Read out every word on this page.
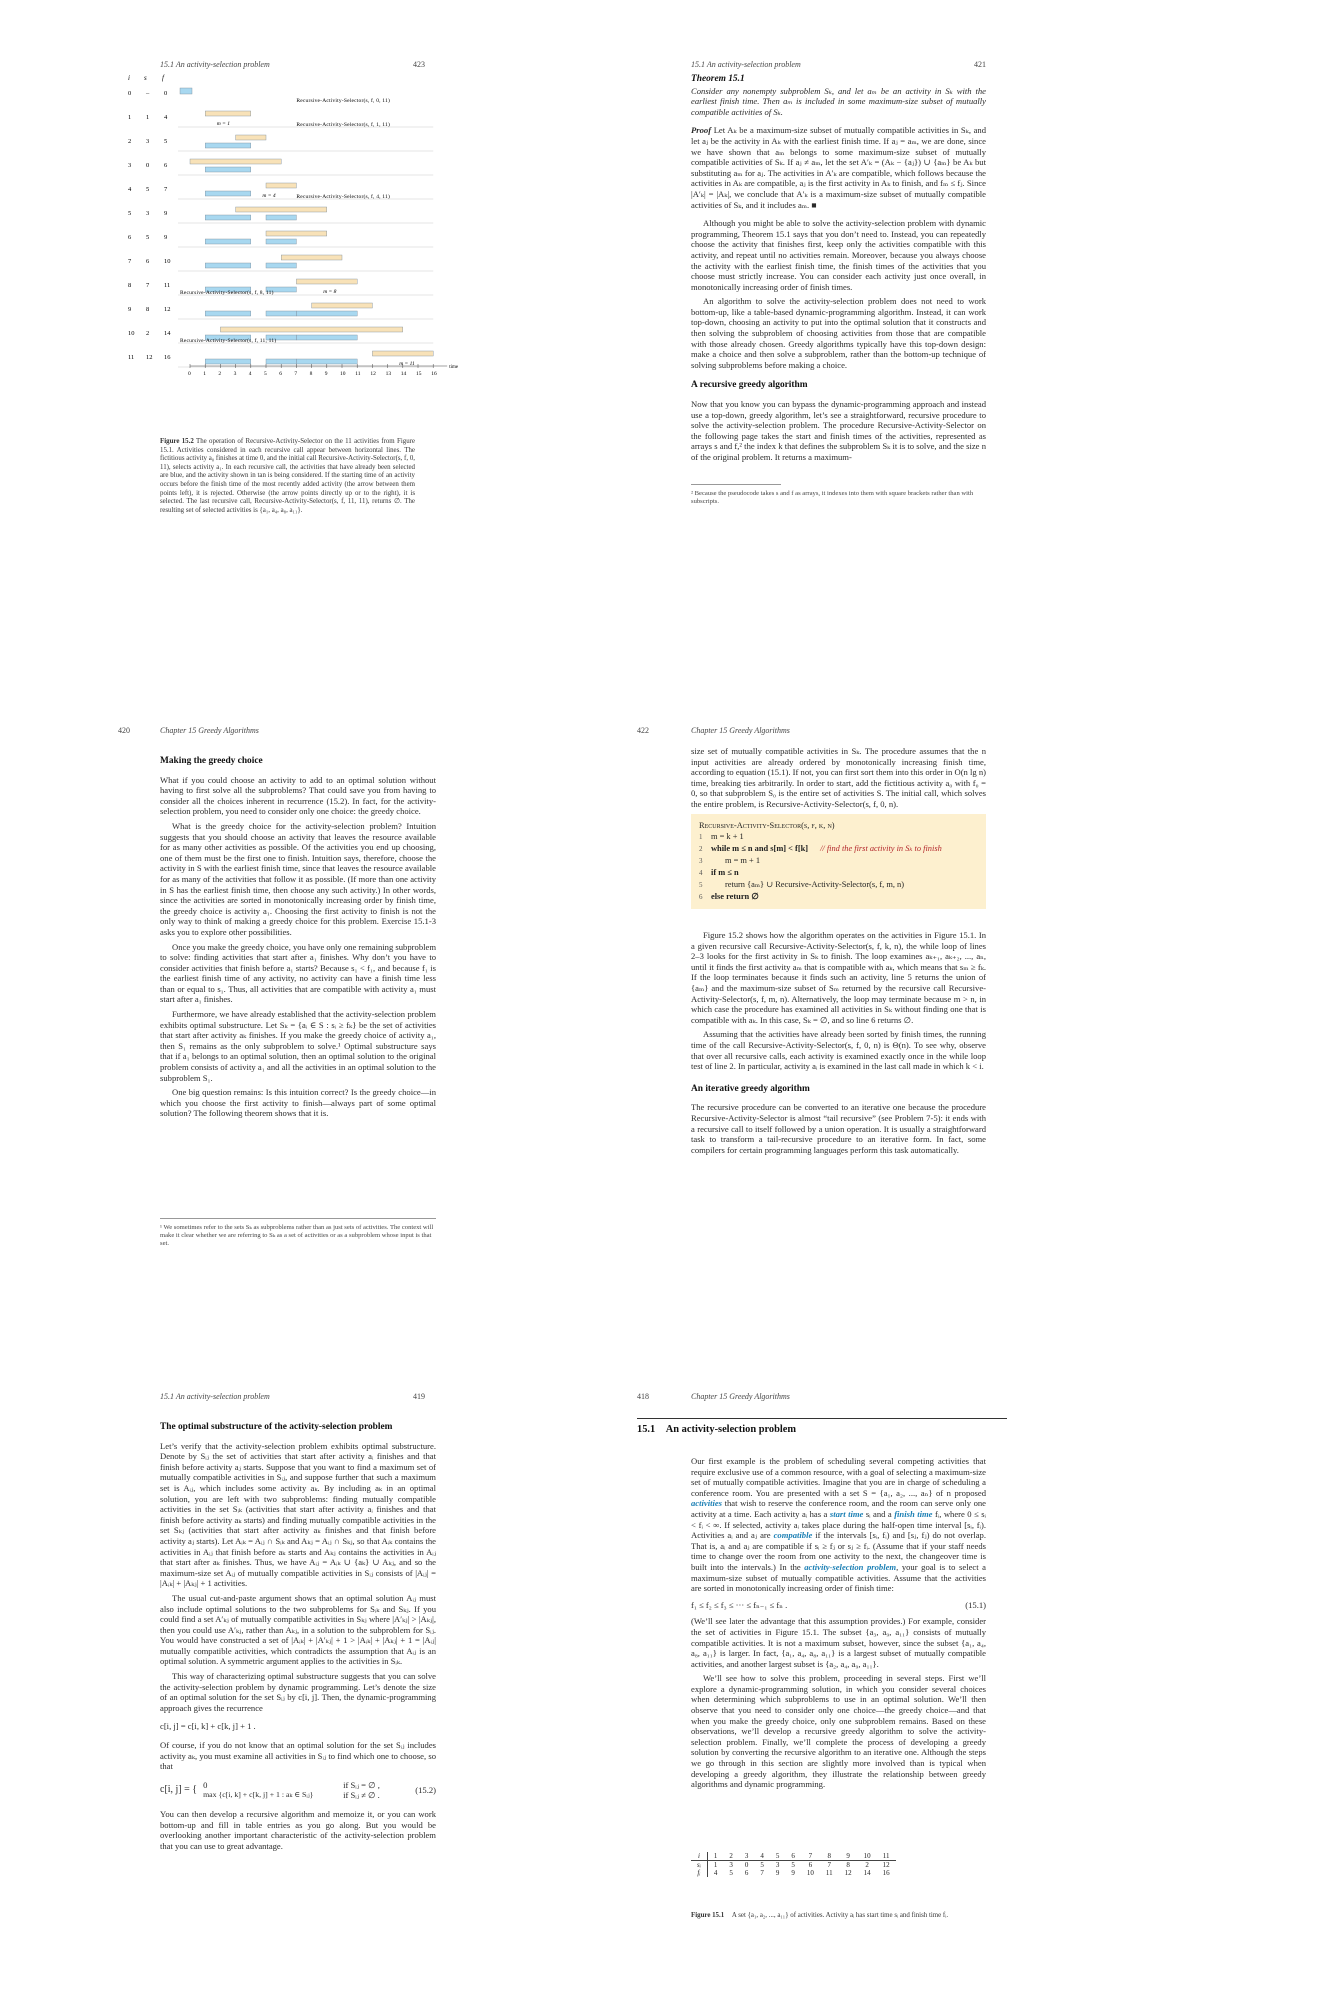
15.1 An activity-selection problem	423
i s f
0 – 0
1 1 4
2 3 5
3 0 6
4 5 7
5 3 9
6 5 9
7 6 10
8 7 11
9 8 12
10 2 14
11 12 16
Recursive-Activity-Selector(s, f, 0, 11)
Recursive-Activity-Selector(s, f, 1, 11)
Recursive-Activity-Selector(s, f, 4, 11)
Recursive-Activity-Selector(s, f, 8, 11)
Recursive-Activity-Selector(s, f, 11, 11)
m = 1
m = 4
m = 8
m = 11
0 1 2 3 4 5 6 7 8 9 10 11 12 13 14 15 16
time
Figure 15.2 The operation of Recursive-Activity-Selector on the 11 activities from Figure 15.1. Activities considered in each recursive call appear between horizontal lines. The fictitious activity a₀ finishes at time 0, and the initial call Recursive-Activity-Selector(s, f, 0, 11), selects activity a₁. In each recursive call, the activities that have already been selected are blue, and the activity shown in tan is being considered. If the starting time of an activity occurs before the finish time of the most recently added activity (the arrow between them points left), it is rejected. Otherwise (the arrow points directly up or to the right), it is selected. The last recursive call, Recursive-Activity-Selector(s, f, 11, 11), returns ∅. The resulting set of selected activities is {a₁, a₄, a₈, a₁₁}.
15.1 An activity-selection problem	421
Theorem 15.1

Consider any nonempty subproblem Sₖ, and let aₘ be an activity in Sₖ with the earliest finish time. Then aₘ is included in some maximum-size subset of mutually compatible activities of Sₖ.

Proof Let Aₖ be a maximum-size subset of mutually compatible activities in Sₖ, and let aⱼ be the activity in Aₖ with the earliest finish time. If aⱼ = aₘ, we are done, since we have shown that aₘ belongs to some maximum-size subset of mutually compatible activities of Sₖ. If aⱼ ≠ aₘ, let the set A′ₖ = (Aₖ − {aⱼ}) ∪ {aₘ} be Aₖ but substituting aₘ for aⱼ. The activities in A′ₖ are compatible, which follows because the activities in Aₖ are compatible, aⱼ is the first activity in Aₖ to finish, and fₘ ≤ fⱼ. Since |A′ₖ| = |Aₖ|, we conclude that A′ₖ is a maximum-size subset of mutually compatible activities of Sₖ, and it includes aₘ. ■

Although you might be able to solve the activity-selection problem with dynamic programming, Theorem 15.1 says that you don’t need to. Instead, you can repeatedly choose the activity that finishes first, keep only the activities compatible with this activity, and repeat until no activities remain. Moreover, because you always choose the activity with the earliest finish time, the finish times of the activities that you choose must strictly increase. You can consider each activity just once overall, in monotonically increasing order of finish times.

An algorithm to solve the activity-selection problem does not need to work bottom-up, like a table-based dynamic-programming algorithm. Instead, it can work top-down, choosing an activity to put into the optimal solution that it constructs and then solving the subproblem of choosing activities from those that are compatible with those already chosen. Greedy algorithms typically have this top-down design: make a choice and then solve a subproblem, rather than the bottom-up technique of solving subproblems before making a choice.

A recursive greedy algorithm

Now that you know you can bypass the dynamic-programming approach and instead use a top-down, greedy algorithm, let’s see a straightforward, recursive procedure to solve the activity-selection problem. The procedure Recursive-Activity-Selector on the following page takes the start and finish times of the activities, represented as arrays s and f,² the index k that defines the subproblem Sₖ it is to solve, and the size n of the original problem. It returns a maximum-

² Because the pseudocode takes s and f as arrays, it indexes into them with square brackets rather than with subscripts.
420	Chapter 15 Greedy Algorithms
Making the greedy choice

What if you could choose an activity to add to an optimal solution without having to first solve all the subproblems? That could save you from having to consider all the choices inherent in recurrence (15.2). In fact, for the activity-selection problem, you need to consider only one choice: the greedy choice.

What is the greedy choice for the activity-selection problem? Intuition suggests that you should choose an activity that leaves the resource available for as many other activities as possible. Of the activities you end up choosing, one of them must be the first one to finish. Intuition says, therefore, choose the activity in S with the earliest finish time, since that leaves the resource available for as many of the activities that follow it as possible. (If more than one activity in S has the earliest finish time, then choose any such activity.) In other words, since the activities are sorted in monotonically increasing order by finish time, the greedy choice is activity a₁. Choosing the first activity to finish is not the only way to think of making a greedy choice for this problem. Exercise 15.1-3 asks you to explore other possibilities.

Once you make the greedy choice, you have only one remaining subproblem to solve: finding activities that start after a₁ finishes. Why don’t you have to consider activities that finish before a₁ starts? Because s₁ < f₁, and because f₁ is the earliest finish time of any activity, no activity can have a finish time less than or equal to s₁. Thus, all activities that are compatible with activity a₁ must start after a₁ finishes.

Furthermore, we have already established that the activity-selection problem exhibits optimal substructure. Let Sₖ = {aᵢ ∈ S : sᵢ ≥ fₖ} be the set of activities that start after activity aₖ finishes. If you make the greedy choice of activity a₁, then S₁ remains as the only subproblem to solve.¹ Optimal substructure says that if a₁ belongs to an optimal solution, then an optimal solution to the original problem consists of activity a₁ and all the activities in an optimal solution to the subproblem S₁.

One big question remains: Is this intuition correct? Is the greedy choice—in which you choose the first activity to finish—always part of some optimal solution? The following theorem shows that it is.

¹ We sometimes refer to the sets Sₖ as subproblems rather than as just sets of activities. The context will make it clear whether we are referring to Sₖ as a set of activities or as a subproblem whose input is that set.
422	Chapter 15 Greedy Algorithms
size set of mutually compatible activities in Sₖ. The procedure assumes that the n input activities are already ordered by monotonically increasing finish time, according to equation (15.1). If not, you can first sort them into this order in O(n lg n) time, breaking ties arbitrarily. In order to start, add the fictitious activity a₀ with f₀ = 0, so that subproblem S₀ is the entire set of activities S. The initial call, which solves the entire problem, is Recursive-Activity-Selector(s, f, 0, n).
Recursive-Activity-Selector(s, f, k, n)
1 m = k + 1
2 while m ≤ n and s[m] < f[k] // find the first activity in Sₖ to finish
3	m = m + 1
4 if m ≤ n
5	return {aₘ} ∪ Recursive-Activity-Selector(s, f, m, n)
6 else return ∅

Figure 15.2 shows how the algorithm operates on the activities in Figure 15.1. In a given recursive call Recursive-Activity-Selector(s, f, k, n), the while loop of lines 2–3 looks for the first activity in Sₖ to finish. The loop examines aₖ₊₁, aₖ₊₂, ..., aₙ, until it finds the first activity aₘ that is compatible with aₖ, which means that sₘ ≥ fₖ. If the loop terminates because it finds such an activity, line 5 returns the union of {aₘ} and the maximum-size subset of Sₘ returned by the recursive call Recursive-Activity-Selector(s, f, m, n). Alternatively, the loop may terminate because m > n, in which case the procedure has examined all activities in Sₖ without finding one that is compatible with aₖ. In this case, Sₖ = ∅, and so line 6 returns ∅.

Assuming that the activities have already been sorted by finish times, the running time of the call Recursive-Activity-Selector(s, f, 0, n) is Θ(n). To see why, observe that over all recursive calls, each activity is examined exactly once in the while loop test of line 2. In particular, activity aᵢ is examined in the last call made in which k < i.

An iterative greedy algorithm

The recursive procedure can be converted to an iterative one because the procedure Recursive-Activity-Selector is almost “tail recursive” (see Problem 7-5): it ends with a recursive call to itself followed by a union operation. It is usually a straightforward task to transform a tail-recursive procedure to an iterative form. In fact, some compilers for certain programming languages perform this task automatically.

15.1 An activity-selection problem	419
The optimal substructure of the activity-selection problem

Let’s verify that the activity-selection problem exhibits optimal substructure. Denote by Sᵢⱼ the set of activities that start after activity aᵢ finishes and that finish before activity aⱼ starts. Suppose that you want to find a maximum set of mutually compatible activities in Sᵢⱼ, and suppose further that such a maximum set is Aᵢⱼ, which includes some activity aₖ. By including aₖ in an optimal solution, you are left with two subproblems: finding mutually compatible activities in the set Sᵢₖ (activities that start after activity aᵢ finishes and that finish before activity aₖ starts) and finding mutually compatible activities in the set Sₖⱼ (activities that start after activity aₖ finishes and that finish before activity aⱼ starts). Let Aᵢₖ = Aᵢⱼ ∩ Sᵢₖ and Aₖⱼ = Aᵢⱼ ∩ Sₖⱼ, so that Aᵢₖ contains the activities in Aᵢⱼ that finish before aₖ starts and Aₖⱼ contains the activities in Aᵢⱼ that start after aₖ finishes. Thus, we have Aᵢⱼ = Aᵢₖ ∪ {aₖ} ∪ Aₖⱼ, and so the maximum-size set Aᵢⱼ of mutually compatible activities in Sᵢⱼ consists of |Aᵢⱼ| = |Aᵢₖ| + |Aₖⱼ| + 1 activities.

The usual cut-and-paste argument shows that an optimal solution Aᵢⱼ must also include optimal solutions to the two subproblems for Sᵢₖ and Sₖⱼ. If you could find a set A′ₖⱼ of mutually compatible activities in Sₖⱼ where |A′ₖⱼ| > |Aₖⱼ|, then you could use A′ₖⱼ, rather than Aₖⱼ, in a solution to the subproblem for Sᵢⱼ. You would have constructed a set of |Aᵢₖ| + |A′ₖⱼ| + 1 > |Aᵢₖ| + |Aₖⱼ| + 1 = |Aᵢⱼ| mutually compatible activities, which contradicts the assumption that Aᵢⱼ is an optimal solution. A symmetric argument applies to the activities in Sᵢₖ.

This way of characterizing optimal substructure suggests that you can solve the activity-selection problem by dynamic programming. Let’s denote the size of an optimal solution for the set Sᵢⱼ by c[i, j]. Then, the dynamic-programming approach gives the recurrence

c[i, j] = c[i, k] + c[k, j] + 1 .

Of course, if you do not know that an optimal solution for the set Sᵢⱼ includes activity aₖ, you must examine all activities in Sᵢⱼ to find which one to choose, so that

c[i, j] = { 0	if Sᵢⱼ = ∅ ,
max {c[i, k] + c[k, j] + 1 : aₖ ∈ Sᵢⱼ}	if Sᵢⱼ ≠ ∅ .
(15.2)

You can then develop a recursive algorithm and memoize it, or you can work bottom-up and fill in table entries as you go along. But you would be overlooking another important characteristic of the activity-selection problem that you can use to great advantage.

418	Chapter 15 Greedy Algorithms
15.1 An activity-selection problem

Our first example is the problem of scheduling several competing activities that require exclusive use of a common resource, with a goal of selecting a maximum-size set of mutually compatible activities. Imagine that you are in charge of scheduling a conference room. You are presented with a set S = {a₁, a₂, ..., aₙ} of n proposed activities that wish to reserve the conference room, and the room can serve only one activity at a time. Each activity aᵢ has a start time sᵢ and a finish time fᵢ, where 0 ≤ sᵢ < fᵢ < ∞. If selected, activity aᵢ takes place during the half-open time interval [sᵢ, fᵢ). Activities aᵢ and aⱼ are compatible if the intervals [sᵢ, fᵢ) and [sⱼ, fⱼ) do not overlap. That is, aᵢ and aⱼ are compatible if sᵢ ≥ fⱼ or sⱼ ≥ fᵢ. (Assume that if your staff needs time to change over the room from one activity to the next, the changeover time is built into the intervals.) In the activity-selection problem, your goal is to select a maximum-size subset of mutually compatible activities. Assume that the activities are sorted in monotonically increasing order of finish time:

f₁ ≤ f₂ ≤ f₃ ≤ ··· ≤ fₙ₋₁ ≤ fₙ .	(15.1)

(We’ll see later the advantage that this assumption provides.) For example, consider the set of activities in Figure 15.1. The subset {a₃, a₉, a₁₁} consists of mutually compatible activities. It is not a maximum subset, however, since the subset {a₁, a₄, a₈, a₁₁} is larger. In fact, {a₁, a₄, a₈, a₁₁} is a largest subset of mutually compatible activities, and another largest subset is {a₂, a₄, a₉, a₁₁}.

We’ll see how to solve this problem, proceeding in several steps. First we’ll explore a dynamic-programming solution, in which you consider several choices when determining which subproblems to use in an optimal solution. We’ll then observe that you need to consider only one choice—the greedy choice—and that when you make the greedy choice, only one subproblem remains. Based on these observations, we’ll develop a recursive greedy algorithm to solve the activity-selection problem. Finally, we’ll complete the process of developing a greedy solution by converting the recursive algorithm to an iterative one. Although the steps we go through in this section are slightly more involved than is typical when developing a greedy algorithm, they illustrate the relationship between greedy algorithms and dynamic programming.

i	1	2	3	4	5	6	7	8	9	10	11
sᵢ	1	3	0	5	3	5	6	7	8	2	12
fᵢ	4	5	6	7	9	9	10	11	12	14	16
Figure 15.1 A set {a₁, a₂, ..., a₁₁} of activities. Activity aᵢ has start time sᵢ and finish time fᵢ.
